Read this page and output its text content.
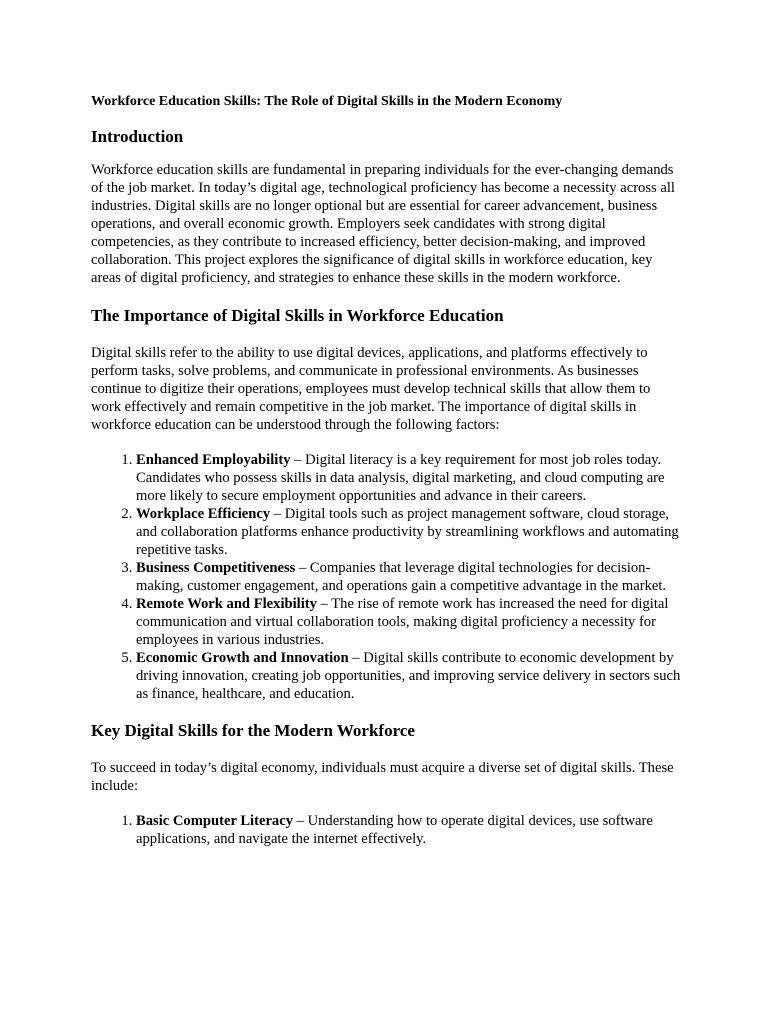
Workforce Education Skills: The Role of Digital Skills in the Modern Economy
Introduction

Workforce education skills are fundamental in preparing individuals for the ever-changing demands of the job market. In today’s digital age, technological proficiency has become a necessity across all industries. Digital skills are no longer optional but are essential for career advancement, business operations, and overall economic growth. Employers seek candidates with strong digital competencies, as they contribute to increased efficiency, better decision-making, and improved collaboration. This project explores the significance of digital skills in workforce education, key areas of digital proficiency, and strategies to enhance these skills in the modern workforce.

The Importance of Digital Skills in Workforce Education

Digital skills refer to the ability to use digital devices, applications, and platforms effectively to perform tasks, solve problems, and communicate in professional environments. As businesses continue to digitize their operations, employees must develop technical skills that allow them to work effectively and remain competitive in the job market. The importance of digital skills in workforce education can be understood through the following factors:

1. Enhanced Employability – Digital literacy is a key requirement for most job roles today. Candidates who possess skills in data analysis, digital marketing, and cloud computing are more likely to secure employment opportunities and advance in their careers.
2. Workplace Efficiency – Digital tools such as project management software, cloud storage, and collaboration platforms enhance productivity by streamlining workflows and automating repetitive tasks.
3. Business Competitiveness – Companies that leverage digital technologies for decision-making, customer engagement, and operations gain a competitive advantage in the market.
4. Remote Work and Flexibility – The rise of remote work has increased the need for digital communication and virtual collaboration tools, making digital proficiency a necessity for employees in various industries.
5. Economic Growth and Innovation – Digital skills contribute to economic development by driving innovation, creating job opportunities, and improving service delivery in sectors such as finance, healthcare, and education.
Key Digital Skills for the Modern Workforce

To succeed in today’s digital economy, individuals must acquire a diverse set of digital skills. These include:

1. Basic Computer Literacy – Understanding how to operate digital devices, use software applications, and navigate the internet effectively.
